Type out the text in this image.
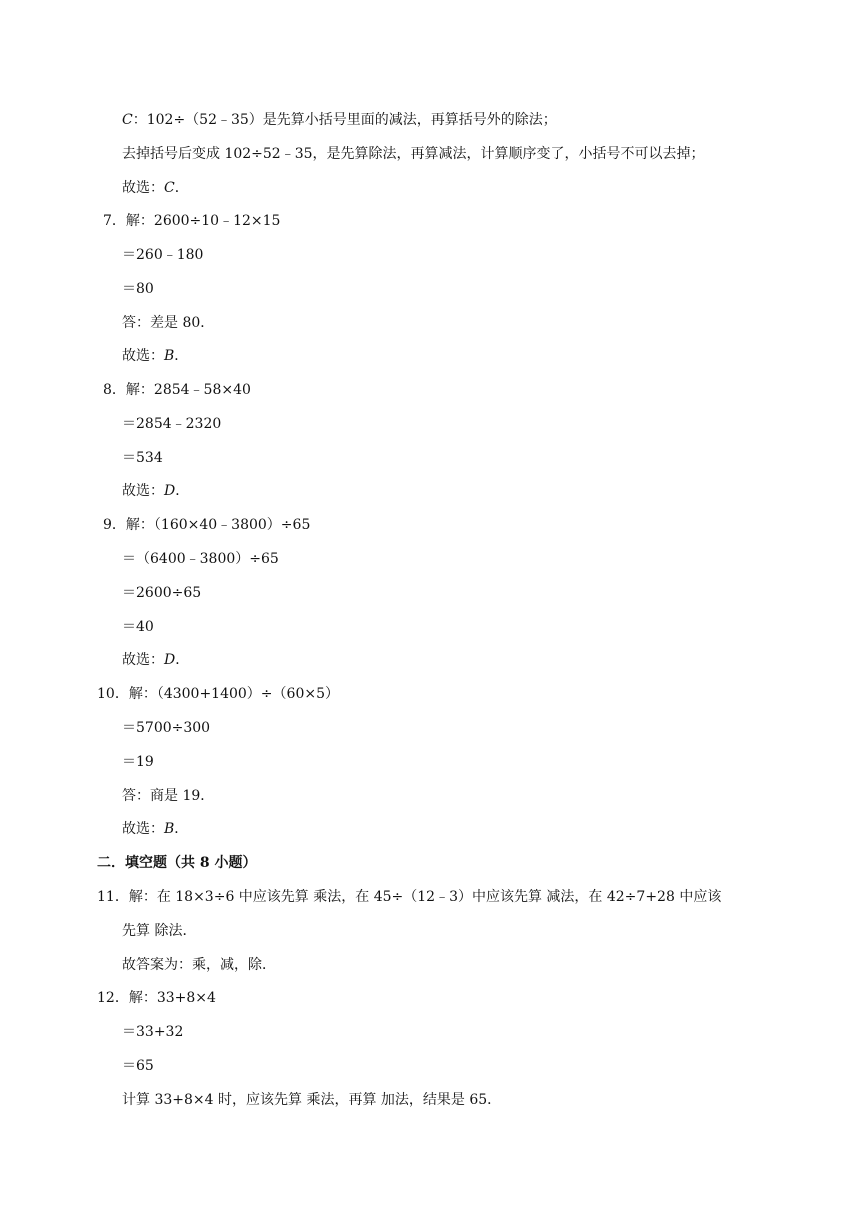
C：102÷（52﹣35）是先算小括号里面的减法，再算括号外的除法；
去掉括号后变成 102÷52﹣35，是先算除法，再算减法，计算顺序变了，小括号不可以去掉；
故选：C．
7．解：2600÷10﹣12×15
＝260﹣180
＝80
答：差是 80．
故选：B．
8．解：2854﹣58×40
＝2854﹣2320
＝534
故选：D．
9．解：（160×40﹣3800）÷65
＝（6400﹣3800）÷65
＝2600÷65
＝40
故选：D．
10．解：（4300+1400）÷（60×5）
＝5700÷300
＝19
答：商是 19．
故选：B．
二．填空题（共 8 小题）
11．解：在 18×3÷6 中应该先算 乘法，在 45÷（12﹣3）中应该先算 减法，在 42÷7+28 中应该
先算 除法．
故答案为：乘，减，除．
12．解：33+8×4
＝33+32
＝65
计算 33+8×4 时，应该先算 乘法，再算 加法，结果是 65．
